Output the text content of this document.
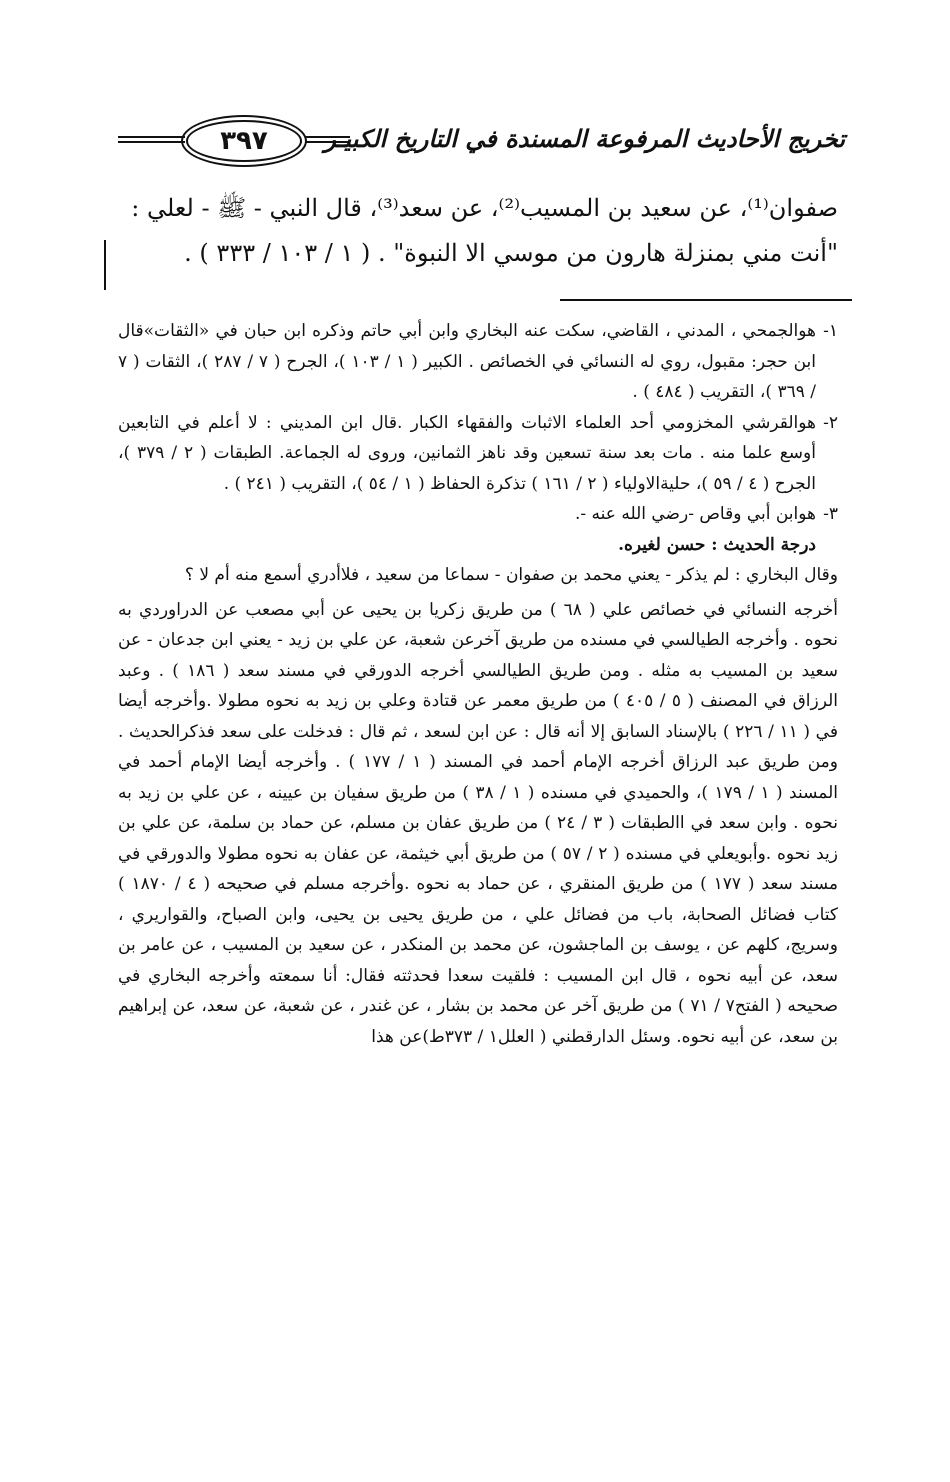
تخريج الأحاديث المرفوعة المسندة في التاريخ الكبيـر
٣٩٧

صفوان⁽¹⁾، عن سعيد بن المسيب⁽²⁾، عن سعد⁽³⁾، قال النبي - ﷺ - لعلي :

"أنت مني بمنزلة هارون من موسي الا النبوة" . ( ١ / ١٠٣ / ٣٣٣ ) .

١-
هوالجمحي ، المدني ، القاضي، سكت عنه البخاري وابن أبي حاتم وذكره ابن حبان في «الثقات»قال ابن حجر: مقبول، روي له النسائي في الخصائص . الكبير ( ١ / ١٠٣ )، الجرح ( ٧ / ٢٨٧ )، الثقات ( ٧ / ٣٦٩ )، التقريب ( ٤٨٤ ) .
٢-
هوالقرشي المخزومي أحد العلماء الاثبات والفقهاء الكبار .قال ابن المديني : لا أعلم في التابعين أوسع علما منه . مات بعد سنة تسعين وقد ناهز الثمانين، وروى له الجماعة. الطبقات ( ٢ / ٣٧٩ )، الجرح ( ٤ / ٥٩ )، حليةالاولياء ( ٢ / ١٦١ ) تذكرة الحفاظ ( ١ / ٥٤ )، التقريب ( ٢٤١ ) .
٣-
هوابن أبي وقاص -رضي الله عنه -.

درجة الحديث : حسن لغيره.

وقال البخاري : لم يذكر - يعني محمد بن صفوان - سماعا من سعيد ، فلاأدري أسمع منه أم لا ؟

أخرجه النسائي في خصائص علي ( ٦٨ ) من طريق زكريا بن يحيى عن أبي مصعب عن الدراوردي به نحوه . وأخرجه الطيالسي في مسنده من طريق آخرعن شعبة، عن علي بن زيد - يعني ابن جدعان - عن سعيد بن المسيب به مثله . ومن طريق الطيالسي أخرجه الدورقي في مسند سعد ( ١٨٦ ) . وعبد الرزاق في المصنف ( ٥ / ٤٠٥ ) من طريق معمر عن قتادة وعلي بن زيد به نحوه مطولا .وأخرجه أيضا في ( ١١ / ٢٢٦ ) بالإسناد السابق إلا أنه قال : عن ابن لسعد ، ثم قال : فدخلت على سعد فذكرالحديث . ومن طريق عبد الرزاق أخرجه الإمام أحمد في المسند ( ١ / ١٧٧ ) . وأخرجه أيضا الإمام أحمد في المسند ( ١ / ١٧٩ )، والحميدي في مسنده ( ١ / ٣٨ ) من طريق سفيان بن عيينه ، عن علي بن زيد به نحوه . وابن سعد في االطبقات ( ٣ / ٢٤ ) من طريق عفان بن مسلم، عن حماد بن سلمة، عن علي بن زيد نحوه .وأبويعلي في مسنده ( ٢ / ٥٧ ) من طريق أبي خيثمة، عن عفان به نحوه مطولا والدورقي في مسند سعد ( ١٧٧ ) من طريق المنقري ، عن حماد به نحوه .وأخرجه مسلم في صحيحه ( ٤ / ١٨٧٠ ) كتاب فضائل الصحابة، باب من فضائل علي ، من طريق يحيى بن يحيى، وابن الصباح، والقواريري ، وسريج، كلهم عن ، يوسف بن الماجشون، عن محمد بن المنكدر ، عن سعيد بن المسيب ، عن عامر بن سعد، عن أبيه نحوه ، قال ابن المسيب : فلقيت سعدا فحدثته فقال: أنا سمعته وأخرجه البخاري في صحيحه ( الفتح٧ / ٧١ ) من طريق آخر عن محمد بن بشار ، عن غندر ، عن شعبة، عن سعد، عن إبراهيم بن سعد، عن أبيه نحوه. وسئل الدارقطني ( العلل١ / ٣٧٣ط)عن هذا
